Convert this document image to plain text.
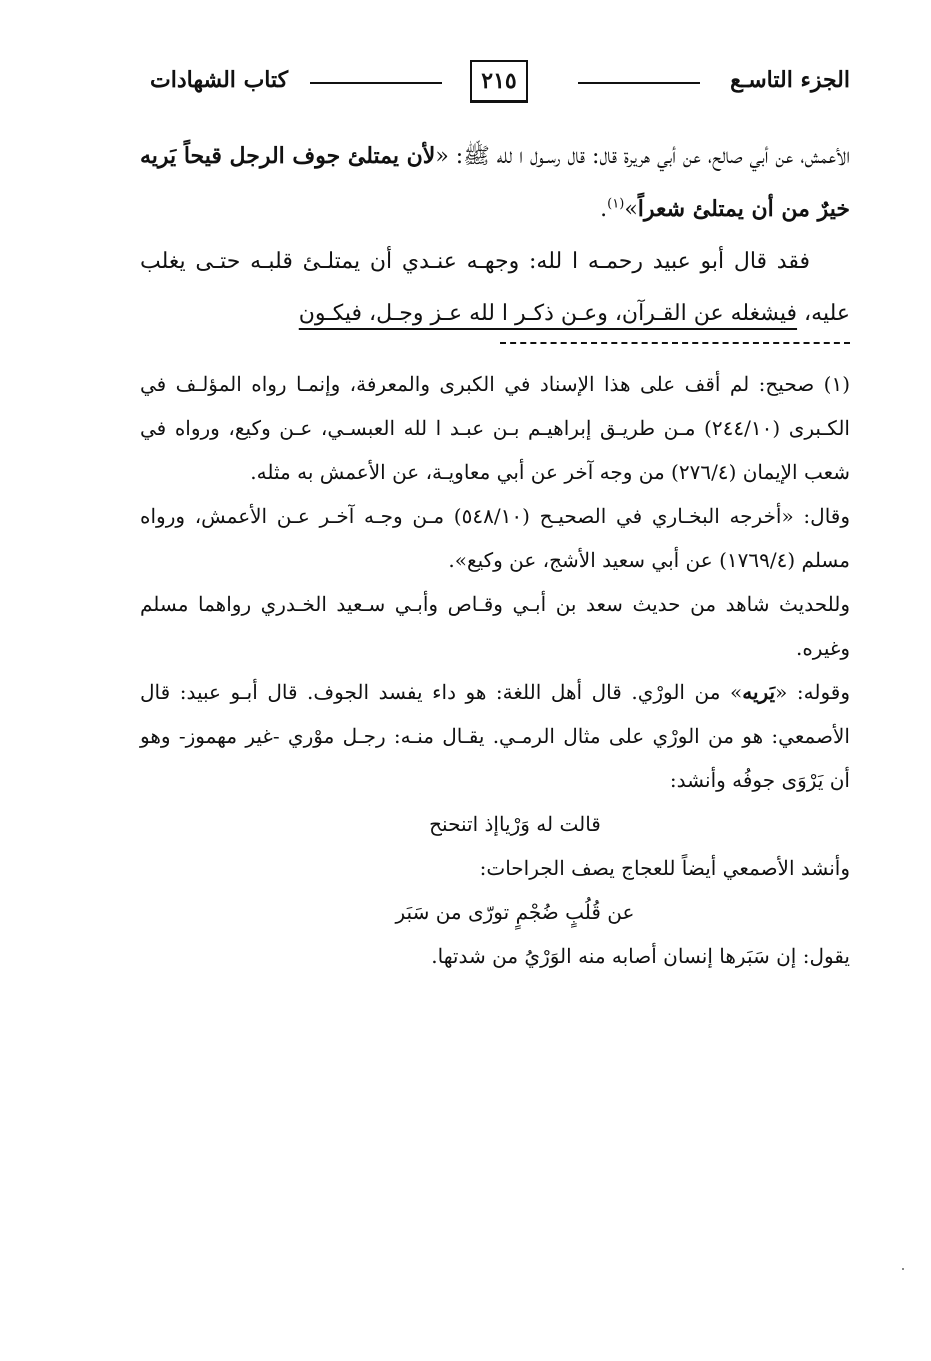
الجزء التاسـع
٢١٥
كتاب الشهادات

الأعمش، عن أبي صالح، عن أبي هريرة قال: قال رسـول ا لله ﷺ: «لأن يمتلئ جوف الرجل قيحاً يَريه خيرٌ من أن يمتلئ شعراً»$^{(١)}$.

فقد قال أبو عبيد رحمـه ا لله: وجهـه عنـدي أن يمتلـئ قلبـه حتـى يغلب عليه، فيشغله عن القـرآن، وعـن ذكـر ا لله عـز وجـل، فيكـون

(١) صحيح: لم أقف على هذا الإسناد في الكبرى والمعرفة، وإنمـا رواه المؤلـف في الكـبرى (٢٤٤/١٠) مـن طريـق إبراهيـم بـن عبـد ا لله العبسـي، عـن وكيع، ورواه في شعب الإيمان (٢٧٦/٤) من وجه آخر عن أبي معاويـة، عن الأعمش به مثله.

وقال: «أخرجه البخـاري في الصحيـح (٥٤٨/١٠) مـن وجـه آخـر عـن الأعمش، ورواه مسلم (١٧٦٩/٤) عن أبي سعيد الأشج، عن وكيع».

وللحديث شاهد من حديث سعد بن أبـي وقـاص وأبـي سـعيد الخـدري رواهما مسلم وغيره.

وقوله: «يَريه» من الورْي. قال أهل اللغة: هو داء يفسد الجوف. قال أبـو عبيد: قال الأصمعي: هو من الورْي على مثال الرمـي. يقـال منـه: رجـل موْري -غير مهموز- وهو أن يَرْوَى جوفُه وأنشد:

قالت له وَرْياإذ اتنحنح

وأنشد الأصمعي أيضاً للعجاج يصف الجراحات:

عن قُلُبٍ ضُجْمٍ تورّى من سَبَر

يقول: إن سَبَرها إنسان أصابه منه الوَرْيُ من شدتها.
